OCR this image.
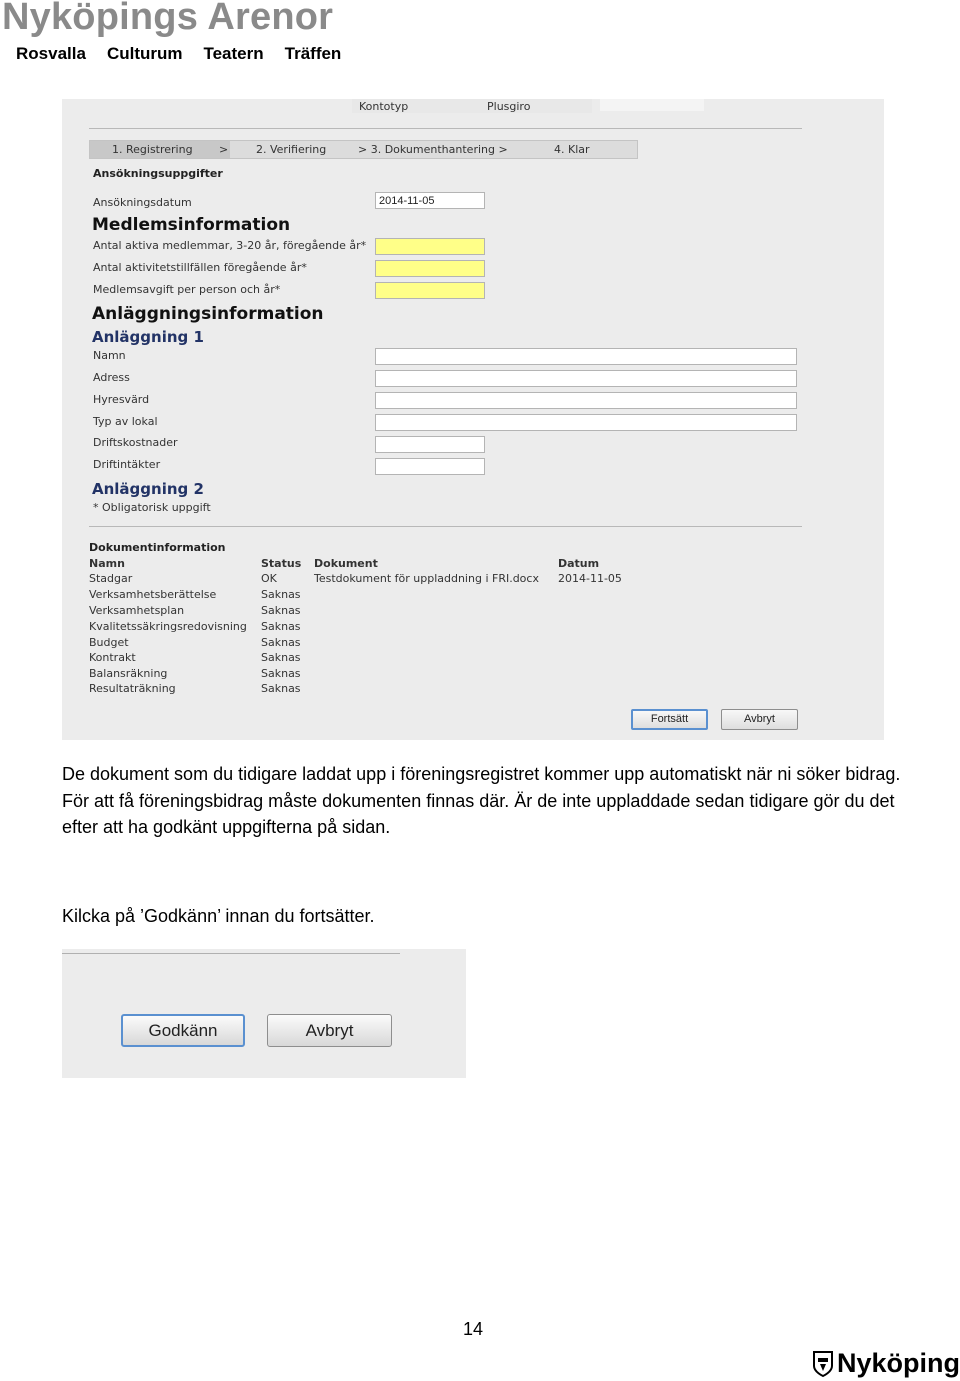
Nyköpings Arenor
Rosvalla Culturum Teatern Träffen
Kontotyp	Plusgiro
1. Registrering >	2. Verifiering	> 3. Dokumenthantering >	4. Klar
Ansökningsuppgifter
Ansökningsdatum
2014-11-05
Medlemsinformation
Antal aktiva medlemmar, 3-20 år, föregående år*
Antal aktivitetstillfällen föregående år*
Medlemsavgift per person och år*
Anläggningsinformation
Anläggning 1
Namn
Adress
Hyresvärd
Typ av lokal
Driftskostnader
Driftintäkter
Anläggning 2
* Obligatorisk uppgift
Dokumentinformation
Namn	Status Dokument	Datum
Stadgar	OK	Testdokument för uppladdning i FRI.docx 2014-11-05
Verksamhetsberättelse	Saknas
Verksamhetsplan	Saknas
Kvalitetssäkringsredovisning Saknas
Budget	Saknas
Kontrakt	Saknas
Balansräkning	Saknas
Resultaträkning	Saknas
Fortsätt	Avbryt
De dokument som du tidigare laddat upp i föreningsregistret kommer upp automatiskt när ni söker bidrag. För att få föreningsbidrag måste dokumenten finnas där. Är de inte uppladdade sedan tidigare gör du det efter att ha godkänt uppgifterna på sidan.
Kilcka på ’Godkänn’ innan du fortsätter.
Godkänn	Avbryt
14
Nyköping
